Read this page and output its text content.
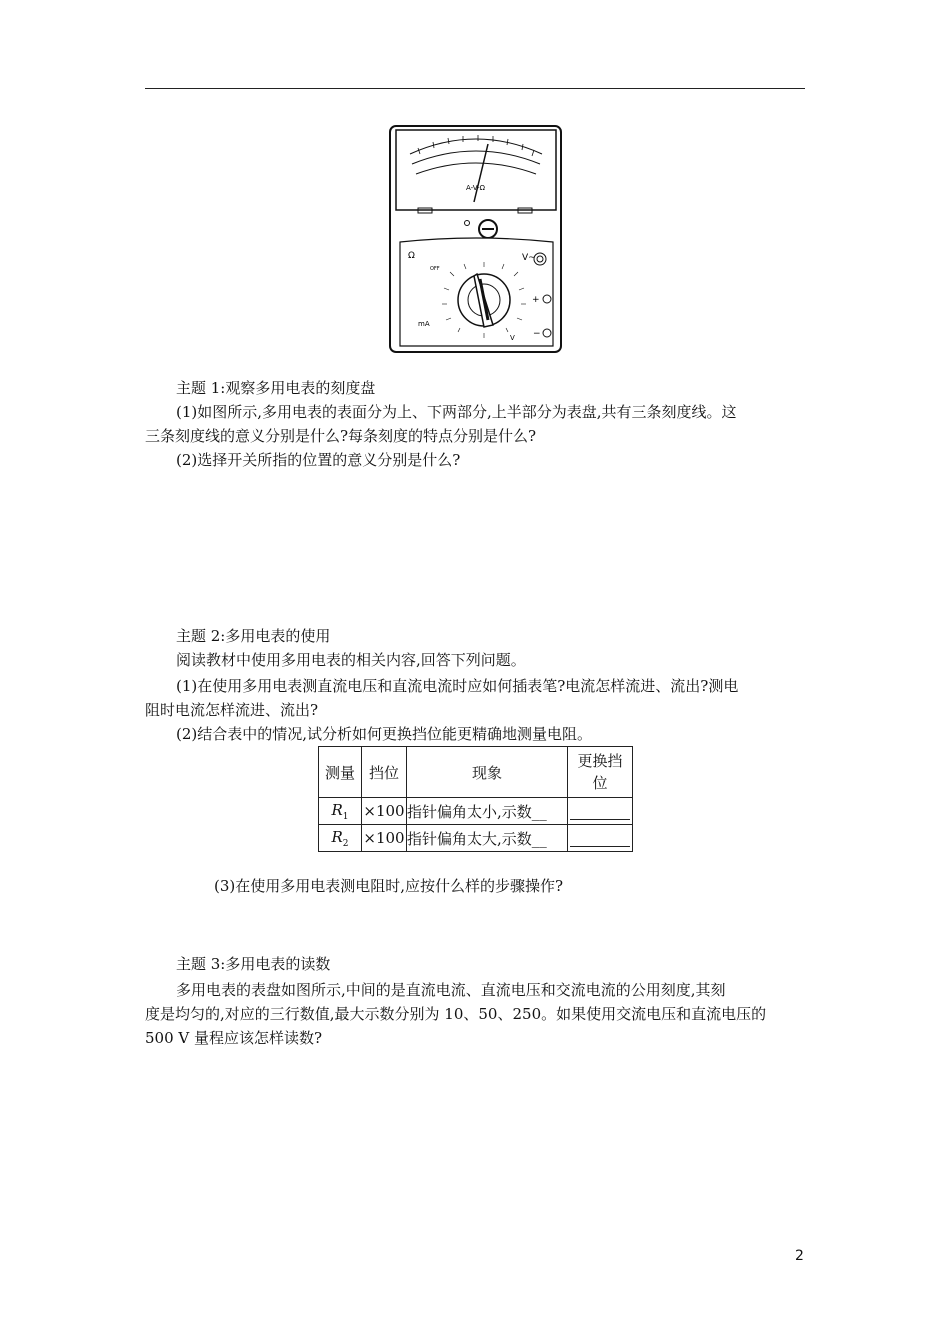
A-V-Ω
Ω	V~
OFF
mA
V
+
−
主题 1:观察多用电表的刻度盘
(1)如图所示,多用电表的表面分为上、下两部分,上半部分为表盘,共有三条刻度线。这
三条刻度线的意义分别是什么?每条刻度的特点分别是什么?
(2)选择开关所指的位置的意义分别是什么?
主题 2:多用电表的使用
阅读教材中使用多用电表的相关内容,回答下列问题。
(1)在使用多用电表测直流电压和直流电流时应如何插表笔?电流怎样流进、流出?测电
阻时电流怎样流进、流出?
(2)结合表中的情况,试分析如何更换挡位能更精确地测量电阻。
测量	挡位	现象	更换挡
位
$R_1$	×100	指针偏角太小,示数__	
$R_2$	×100	指针偏角太大,示数__	
(3)在使用多用电表测电阻时,应按什么样的步骤操作?
主题 3:多用电表的读数
多用电表的表盘如图所示,中间的是直流电流、直流电压和交流电流的公用刻度,其刻
度是均匀的,对应的三行数值,最大示数分别为 10、50、250。如果使用交流电压和直流电压的
500 V 量程应该怎样读数?
2
